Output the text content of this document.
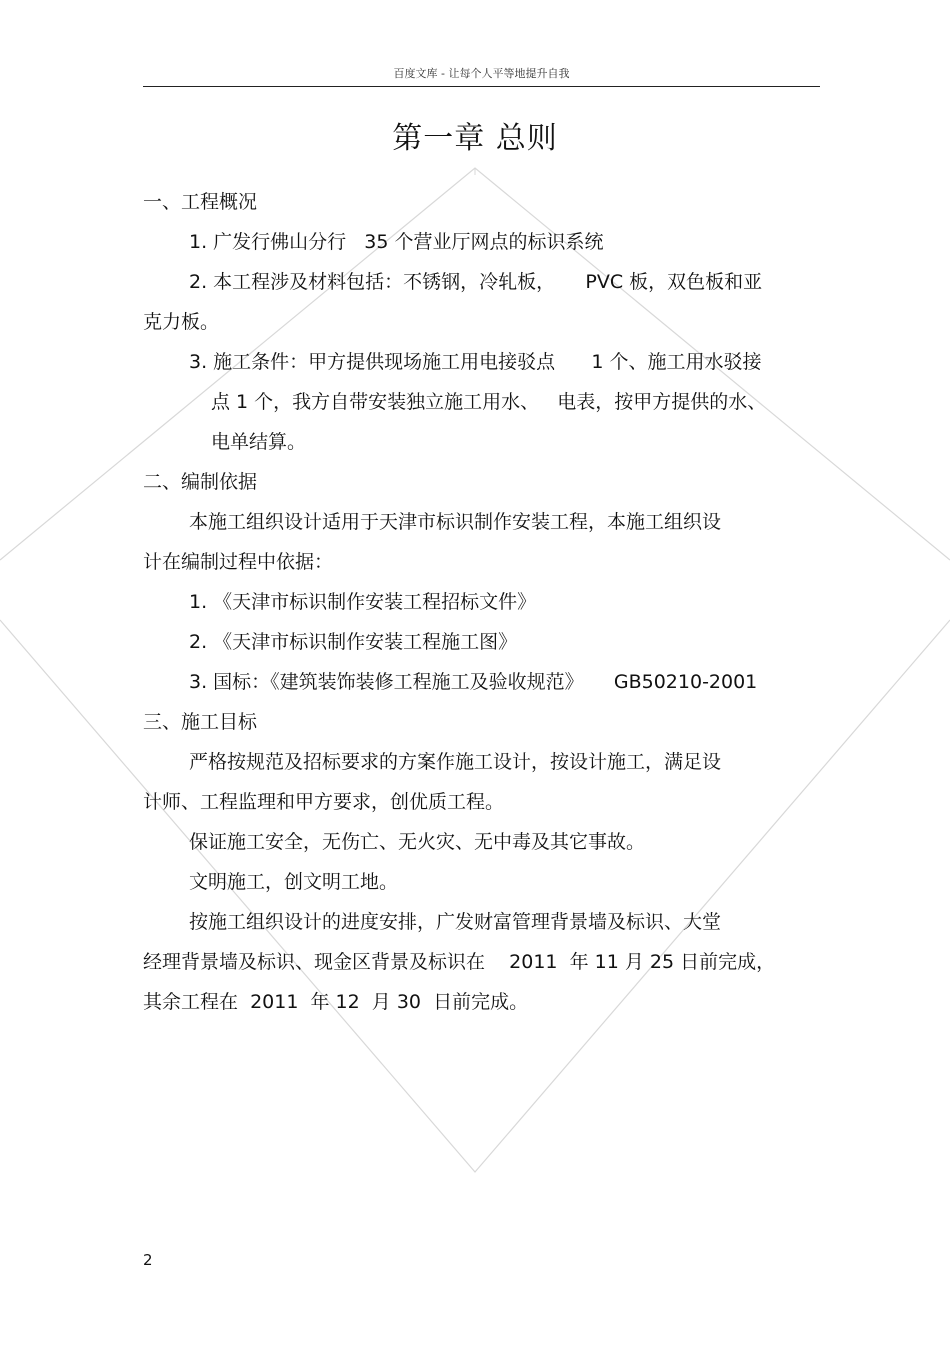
百度文库 - 让每个人平等地提升自我
第一章 总则
一、工程概况
1. 广发行佛山分行   35 个营业厅网点的标识系统
2. 本工程涉及材料包括：不锈钢，冷轧板，     PVC 板，双色板和亚
克力板。
3. 施工条件：甲方提供现场施工用电接驳点      1 个、施工用水驳接
点 1 个，我方自带安装独立施工用水、   电表，按甲方提供的水、
电单结算。
二、编制依据
本施工组织设计适用于天津市标识制作安装工程，本施工组织设
计在编制过程中依据：
1. 《天津市标识制作安装工程招标文件》
2. 《天津市标识制作安装工程施工图》
3. 国标：《建筑装饰装修工程施工及验收规范》     GB50210-2001
三、施工目标
严格按规范及招标要求的方案作施工设计，按设计施工，满足设
计师、工程监理和甲方要求，创优质工程。
保证施工安全，无伤亡、无火灾、无中毒及其它事故。
文明施工，创文明工地。
按施工组织设计的进度安排，广发财富管理背景墙及标识、大堂
经理背景墙及标识、现金区背景及标识在    2011  年 11 月 25 日前完成，
其余工程在  2011  年 12  月 30  日前完成。
2
